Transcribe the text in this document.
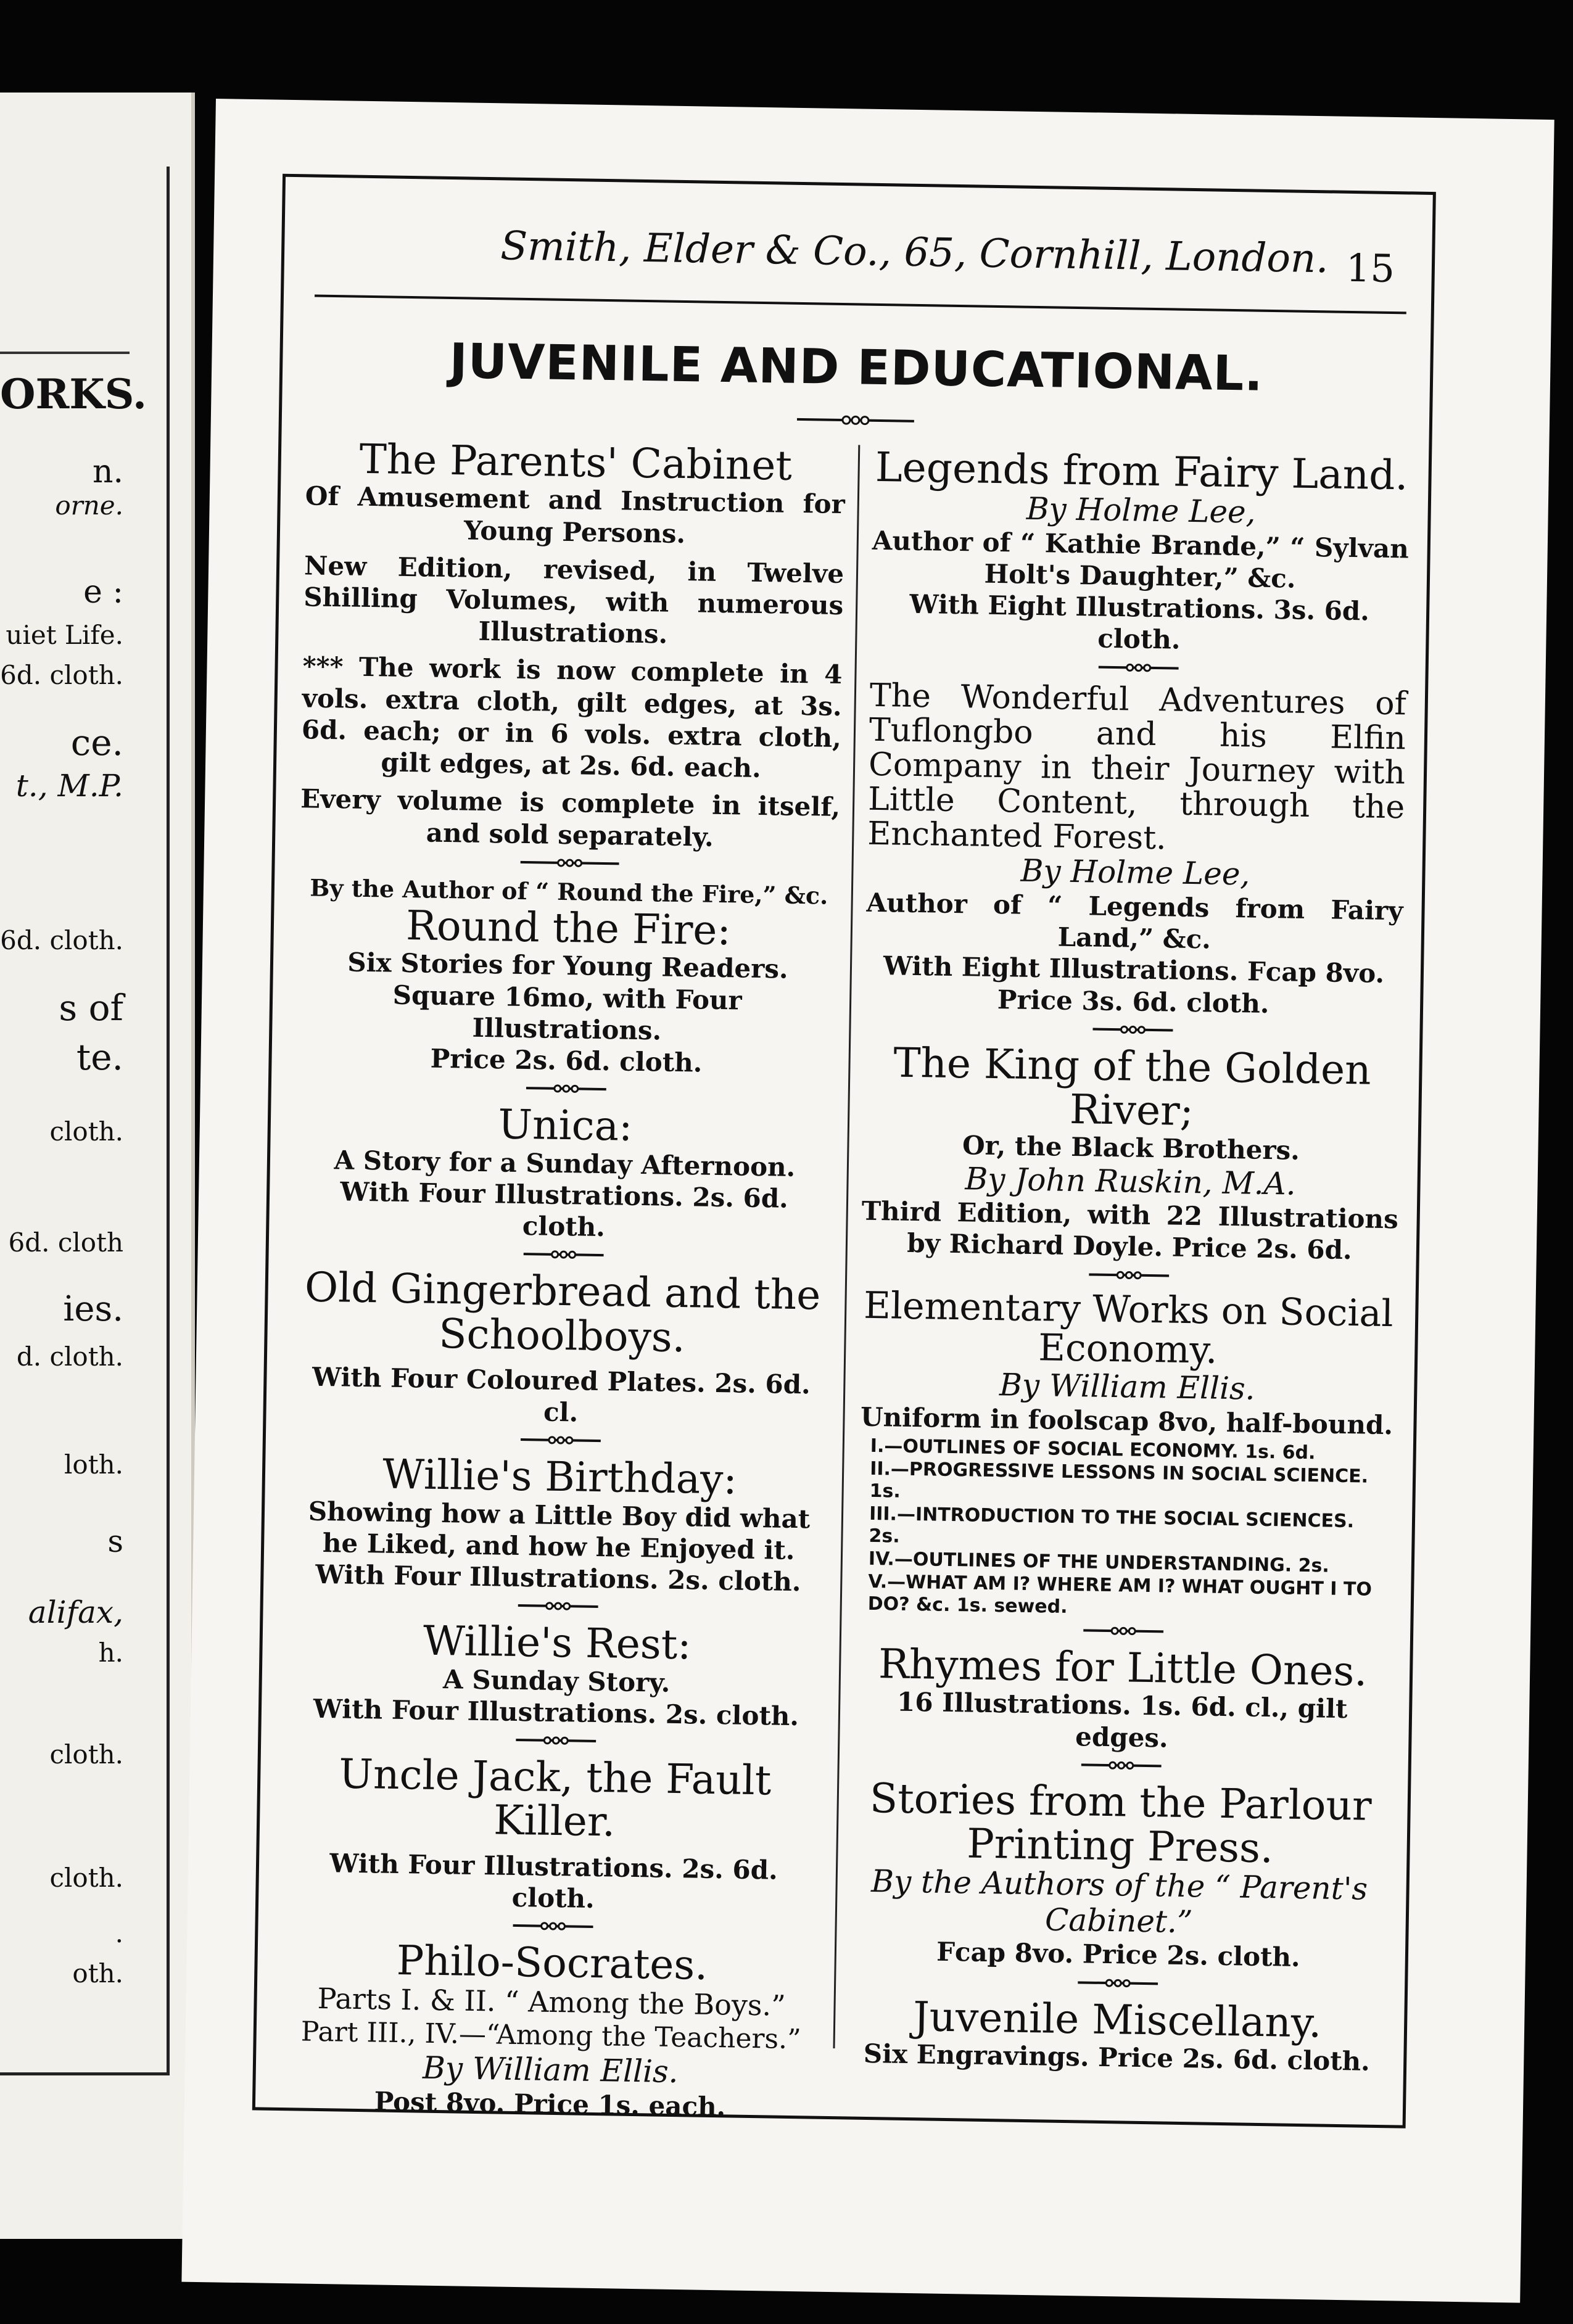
ORKS.
n.
orne.
e :
uiet Life.
6d. cloth.
ce.
t., M.P.
6d. cloth.
s of
te.
cloth.
6d. cloth
ies.
d. cloth.
loth.
s
alifax,
h.
cloth.
cloth.
.
oth.
Smith, Elder & Co., 65, Cornhill, London. 15
JUVENILE AND EDUCATIONAL.

The Parents' Cabinet

Of Amusement and Instruction for Young Persons.

New Edition, revised, in Twelve Shilling Volumes, with numerous Illustrations.

*** The work is now complete in 4 vols. extra cloth, gilt edges, at 3s. 6d. each; or in 6 vols. extra cloth, gilt edges, at 2s. 6d. each.

Every volume is complete in itself, and sold separately.

By the Author of “ Round the Fire,” &c.

Round the Fire:

Six Stories for Young Readers.

Square 16mo, with Four Illustrations.

Price 2s. 6d. cloth.

Unica:

A Story for a Sunday Afternoon.

With Four Illustrations. 2s. 6d. cloth.

Old Gingerbread and the Schoolboys.

With Four Coloured Plates. 2s. 6d. cl.

Willie's Birthday:

Showing how a Little Boy did what he Liked, and how he Enjoyed it.

With Four Illustrations. 2s. cloth.

Willie's Rest:

A Sunday Story.

With Four Illustrations. 2s. cloth.

Uncle Jack, the Fault Killer.

With Four Illustrations. 2s. 6d. cloth.

Philo-Socrates.

Parts I. & II. “ Among the Boys.”

Part III., IV.—“Among the Teachers.”

By William Ellis.

Post 8vo. Price 1s. each.

Legends from Fairy Land.

By Holme Lee,

Author of “ Kathie Brande,” “ Sylvan Holt's Daughter,” &c.

With Eight Illustrations. 3s. 6d. cloth.

The Wonderful Adventures of Tuflongbo and his Elfin Company in their Journey with Little Content, through the Enchanted Forest.

By Holme Lee,

Author of “ Legends from Fairy Land,” &c.

With Eight Illustrations. Fcap 8vo.

Price 3s. 6d. cloth.

The King of the Golden River;

Or, the Black Brothers.

By John Ruskin, M.A.

Third Edition, with 22 Illustrations by Richard Doyle. Price 2s. 6d.

Elementary Works on Social Economy.

By William Ellis.

Uniform in foolscap 8vo, half-bound.

I.—OUTLINES OF SOCIAL ECONOMY. 1s. 6d.
II.—PROGRESSIVE LESSONS IN SOCIAL SCIENCE. 1s.
III.—INTRODUCTION TO THE SOCIAL SCIENCES. 2s.
IV.—OUTLINES OF THE UNDERSTANDING. 2s.
V.—WHAT AM I? WHERE AM I? WHAT OUGHT I TO DO? &c. 1s. sewed.

Rhymes for Little Ones.

16 Illustrations. 1s. 6d. cl., gilt edges.

Stories from the Parlour Printing Press.

By the Authors of the “ Parent's Cabinet.”

Fcap 8vo. Price 2s. cloth.

Juvenile Miscellany.

Six Engravings. Price 2s. 6d. cloth.
